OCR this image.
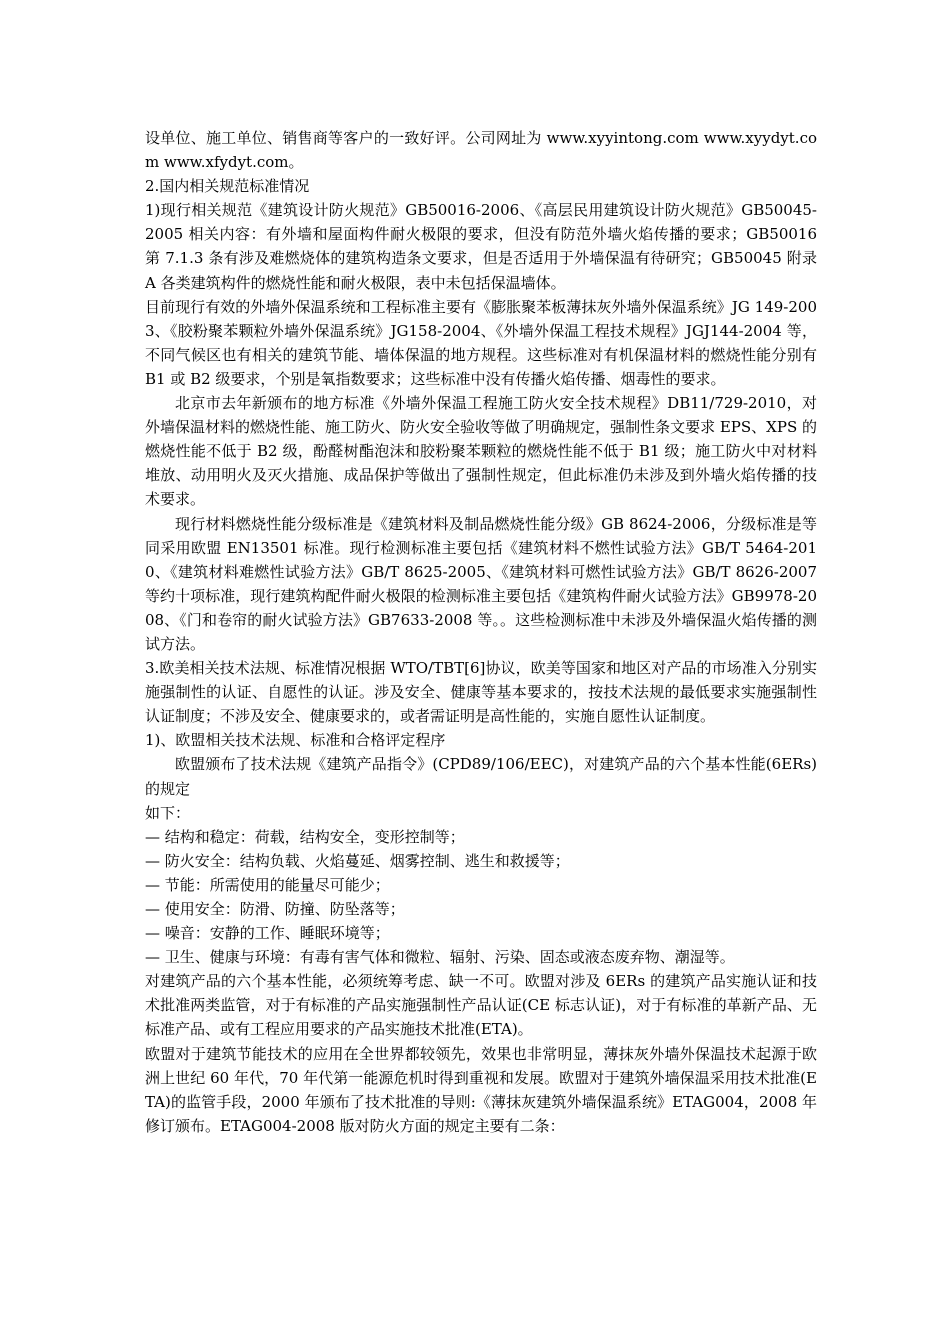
设单位、施工单位、销售商等客户的一致好评。公司网址为 www.xyyintong.com www.xyydyt.com www.xfydyt.com。

2.国内相关规范标准情况

1)现行相关规范《建筑设计防火规范》GB50016-2006、《高层民用建筑设计防火规范》GB50045-2005 相关内容：有外墙和屋面构件耐火极限的要求，但没有防范外墙火焰传播的要求；GB50016 第 7.1.3 条有涉及难燃烧体的建筑构造条文要求，但是否适用于外墙保温有待研究；GB50045 附录 A 各类建筑构件的燃烧性能和耐火极限，表中未包括保温墙体。

目前现行有效的外墙外保温系统和工程标准主要有《膨胀聚苯板薄抹灰外墙外保温系统》JG 149-2003、《胶粉聚苯颗粒外墙外保温系统》JG158-2004、《外墙外保温工程技术规程》JGJ144-2004 等，不同气候区也有相关的建筑节能、墙体保温的地方规程。这些标准对有机保温材料的燃烧性能分别有 B1 或 B2 级要求，个别是氧指数要求；这些标准中没有传播火焰传播、烟毒性的要求。

北京市去年新颁布的地方标准《外墙外保温工程施工防火安全技术规程》DB11/729-2010，对外墙保温材料的燃烧性能、施工防火、防火安全验收等做了明确规定，强制性条文要求 EPS、XPS 的燃烧性能不低于 B2 级，酚醛树酯泡沫和胶粉聚苯颗粒的燃烧性能不低于 B1 级；施工防火中对材料堆放、动用明火及灭火措施、成品保护等做出了强制性规定，但此标准仍未涉及到外墙火焰传播的技术要求。

现行材料燃烧性能分级标准是《建筑材料及制品燃烧性能分级》GB 8624-2006，分级标准是等同采用欧盟 EN13501 标准。现行检测标准主要包括《建筑材料不燃性试验方法》GB/T 5464-2010、《建筑材料难燃性试验方法》GB/T 8625-2005、《建筑材料可燃性试验方法》GB/T 8626-2007 等约十项标准，现行建筑构配件耐火极限的检测标准主要包括《建筑构件耐火试验方法》GB9978-2008、《门和卷帘的耐火试验方法》GB7633-2008 等。。这些检测标准中未涉及外墙保温火焰传播的测试方法。

3.欧美相关技术法规、标准情况根据 WTO/TBT[6]协议，欧美等国家和地区对产品的市场准入分别实施强制性的认证、自愿性的认证。涉及安全、健康等基本要求的，按技术法规的最低要求实施强制性认证制度；不涉及安全、健康要求的，或者需证明是高性能的，实施自愿性认证制度。

1)、欧盟相关技术法规、标准和合格评定程序

欧盟颁布了技术法规《建筑产品指令》(CPD89/106/EEC)，对建筑产品的六个基本性能(6ERs)的规定

如下：

— 结构和稳定：荷载，结构安全，变形控制等；

— 防火安全：结构负载、火焰蔓延、烟雾控制、逃生和救援等；

— 节能：所需使用的能量尽可能少；

— 使用安全：防滑、防撞、防坠落等；

— 噪音：安静的工作、睡眠环境等；

— 卫生、健康与环境：有毒有害气体和微粒、辐射、污染、固态或液态废弃物、潮湿等。

对建筑产品的六个基本性能，必须统筹考虑、缺一不可。欧盟对涉及 6ERs 的建筑产品实施认证和技术批准两类监管，对于有标准的产品实施强制性产品认证(CE 标志认证)，对于有标准的革新产品、无标准产品、或有工程应用要求的产品实施技术批准(ETA)。

欧盟对于建筑节能技术的应用在全世界都较领先，效果也非常明显，薄抹灰外墙外保温技术起源于欧洲上世纪 60 年代，70 年代第一能源危机时得到重视和发展。欧盟对于建筑外墙保温采用技术批准(ETA)的监管手段，2000 年颁布了技术批准的导则:《薄抹灰建筑外墙保温系统》ETAG004，2008 年修订颁布。ETAG004-2008 版对防火方面的规定主要有二条：
